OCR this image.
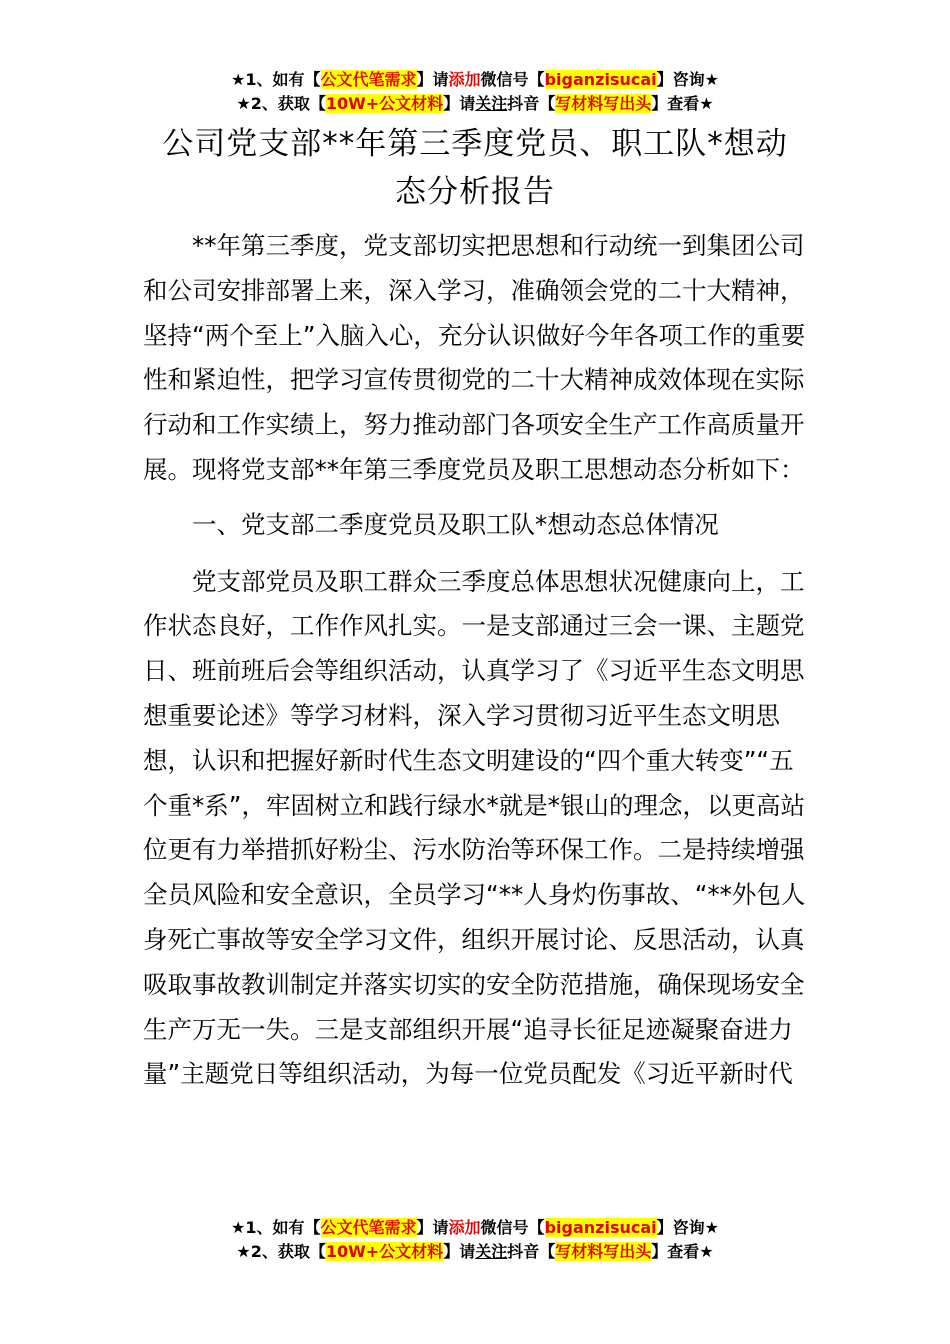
★1、如有【公文代笔需求】请添加微信号【biganzisucai】咨询★
★2、获取【10W+公文材料】请关注抖音【写材料写出头】查看★
公司党支部**年第三季度党员、职工队*想动
态分析报告

**年第三季度，党支部切实把思想和行动统一到集团公司和公司安排部署上来，深入学习，准确领会党的二十大精神，坚持“两个至上”入脑入心，充分认识做好今年各项工作的重要性和紧迫性，把学习宣传贯彻党的二十大精神成效体现在实际行动和工作实绩上，努力推动部门各项安全生产工作高质量开展。现将党支部**年第三季度党员及职工思想动态分析如下：

一、党支部二季度党员及职工队*想动态总体情况

党支部党员及职工群众三季度总体思想状况健康向上，工作状态良好，工作作风扎实。一是支部通过三会一课、主题党日、班前班后会等组织活动，认真学习了《习近平生态文明思想重要论述》等学习材料，深入学习贯彻习近平生态文明思想，认识和把握好新时代生态文明建设的“四个重大转变”“五个重*系”，牢固树立和践行绿水*就是*银山的理念，以更高站位更有力举措抓好粉尘、污水防治等环保工作。二是持续增强全员风险和安全意识，全员学习“**人身灼伤事故、“**外包人身死亡事故等安全学习文件，组织开展讨论、反思活动，认真吸取事故教训制定并落实切实的安全防范措施，确保现场安全生产万无一失。三是支部组织开展“追寻长征足迹凝聚奋进力量”主题党日等组织活动，为每一位党员配发《习近平新时代

★1、如有【公文代笔需求】请添加微信号【biganzisucai】咨询★
★2、获取【10W+公文材料】请关注抖音【写材料写出头】查看★
